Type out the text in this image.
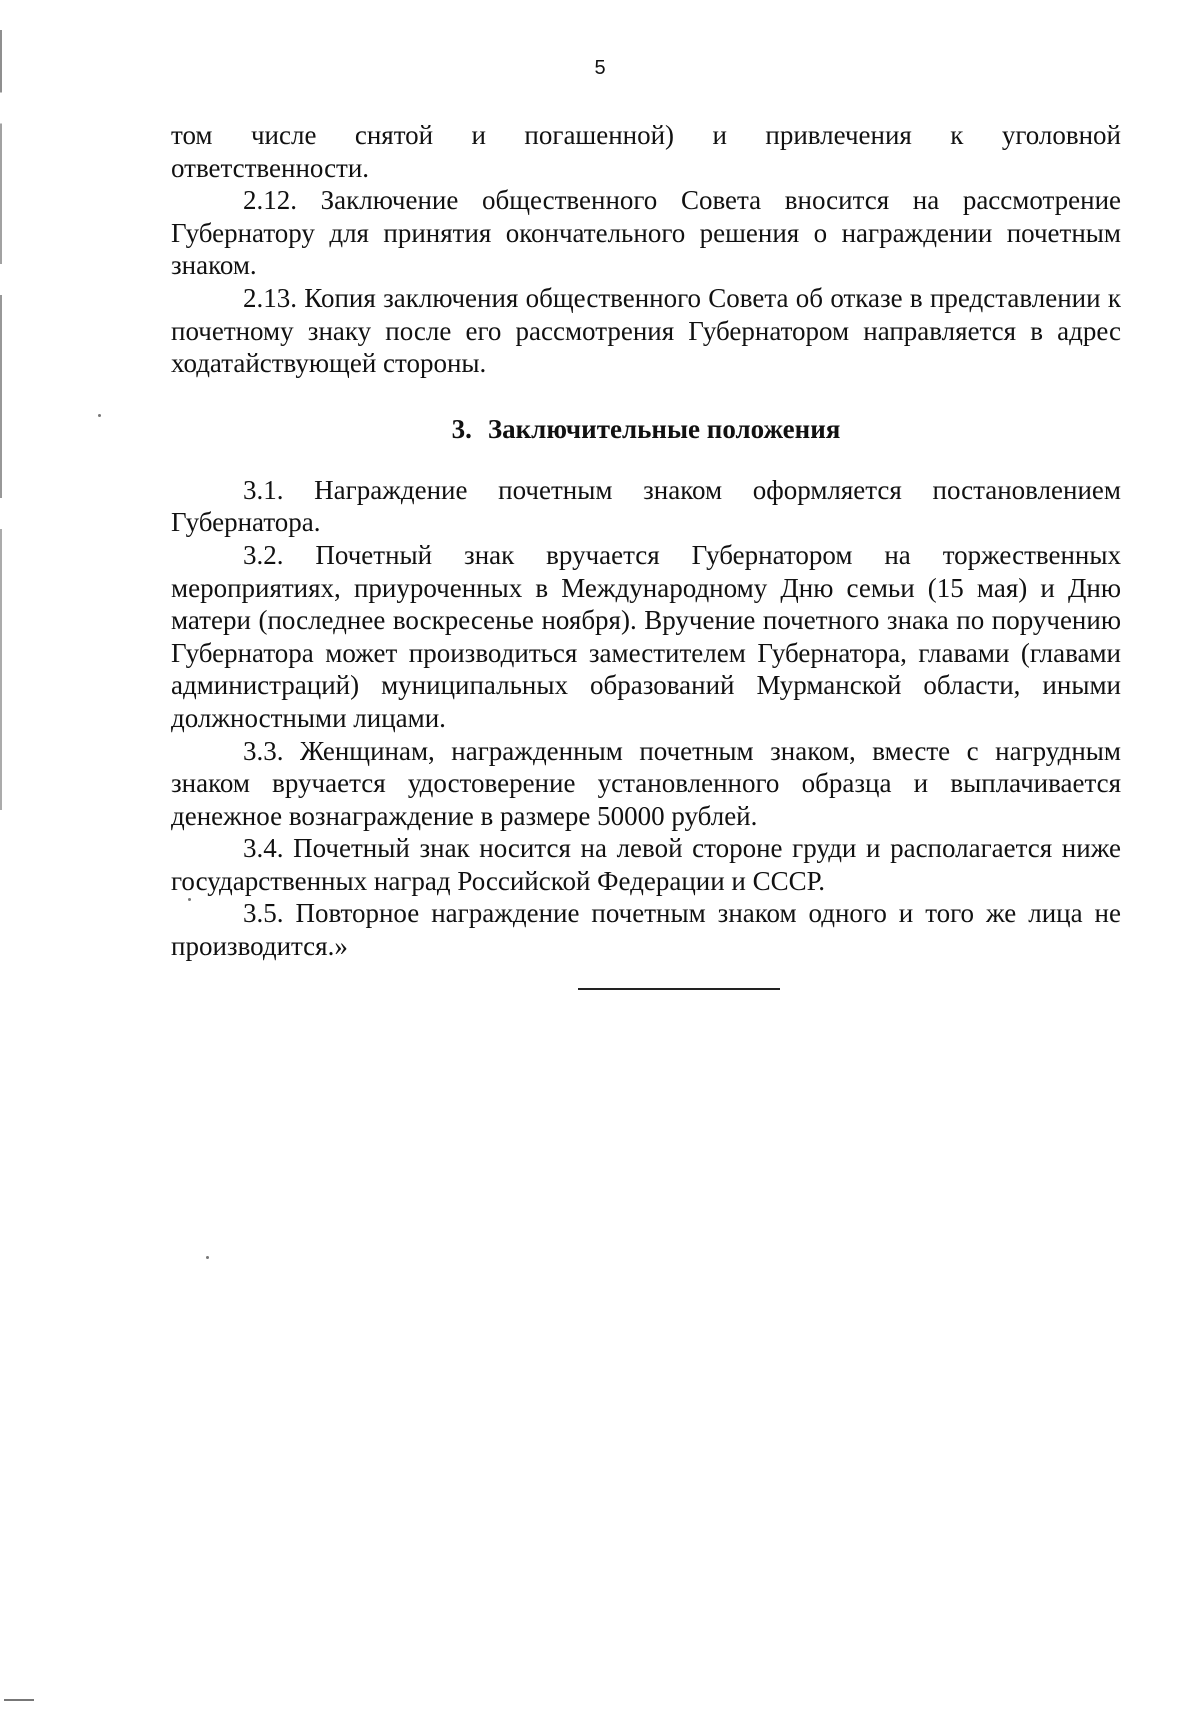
5

том числе снятой и погашенной) и привлечения к уголовной

ответственности.

2.12. Заключение общественного Совета вносится на рассмотрение Губернатору для принятия окончательного решения о награждении почетным знаком.

2.13. Копия заключения общественного Совета об отказе в представлении к почетному знаку после его рассмотрения Губернатором направляется в адрес ходатайствующей стороны.

3. Заключительные положения

3.1. Награждение почетным знаком оформляется постановлением Губернатора.

3.2. Почетный знак вручается Губернатором на торжественных мероприятиях, приуроченных в Международному Дню семьи (15 мая) и Дню матери (последнее воскресенье ноября). Вручение почетного знака по поручению Губернатора может производиться заместителем Губернатора, главами (главами администраций) муниципальных образований Мурманской области, иными должностными лицами.

3.3. Женщинам, награжденным почетным знаком, вместе с нагрудным знаком вручается удостоверение установленного образца и выплачивается денежное вознаграждение в размере 50000 рублей.

3.4. Почетный знак носится на левой стороне груди и располагается ниже государственных наград Российской Федерации и СССР.

3.5. Повторное награждение почетным знаком одного и того же лица не производится.»
